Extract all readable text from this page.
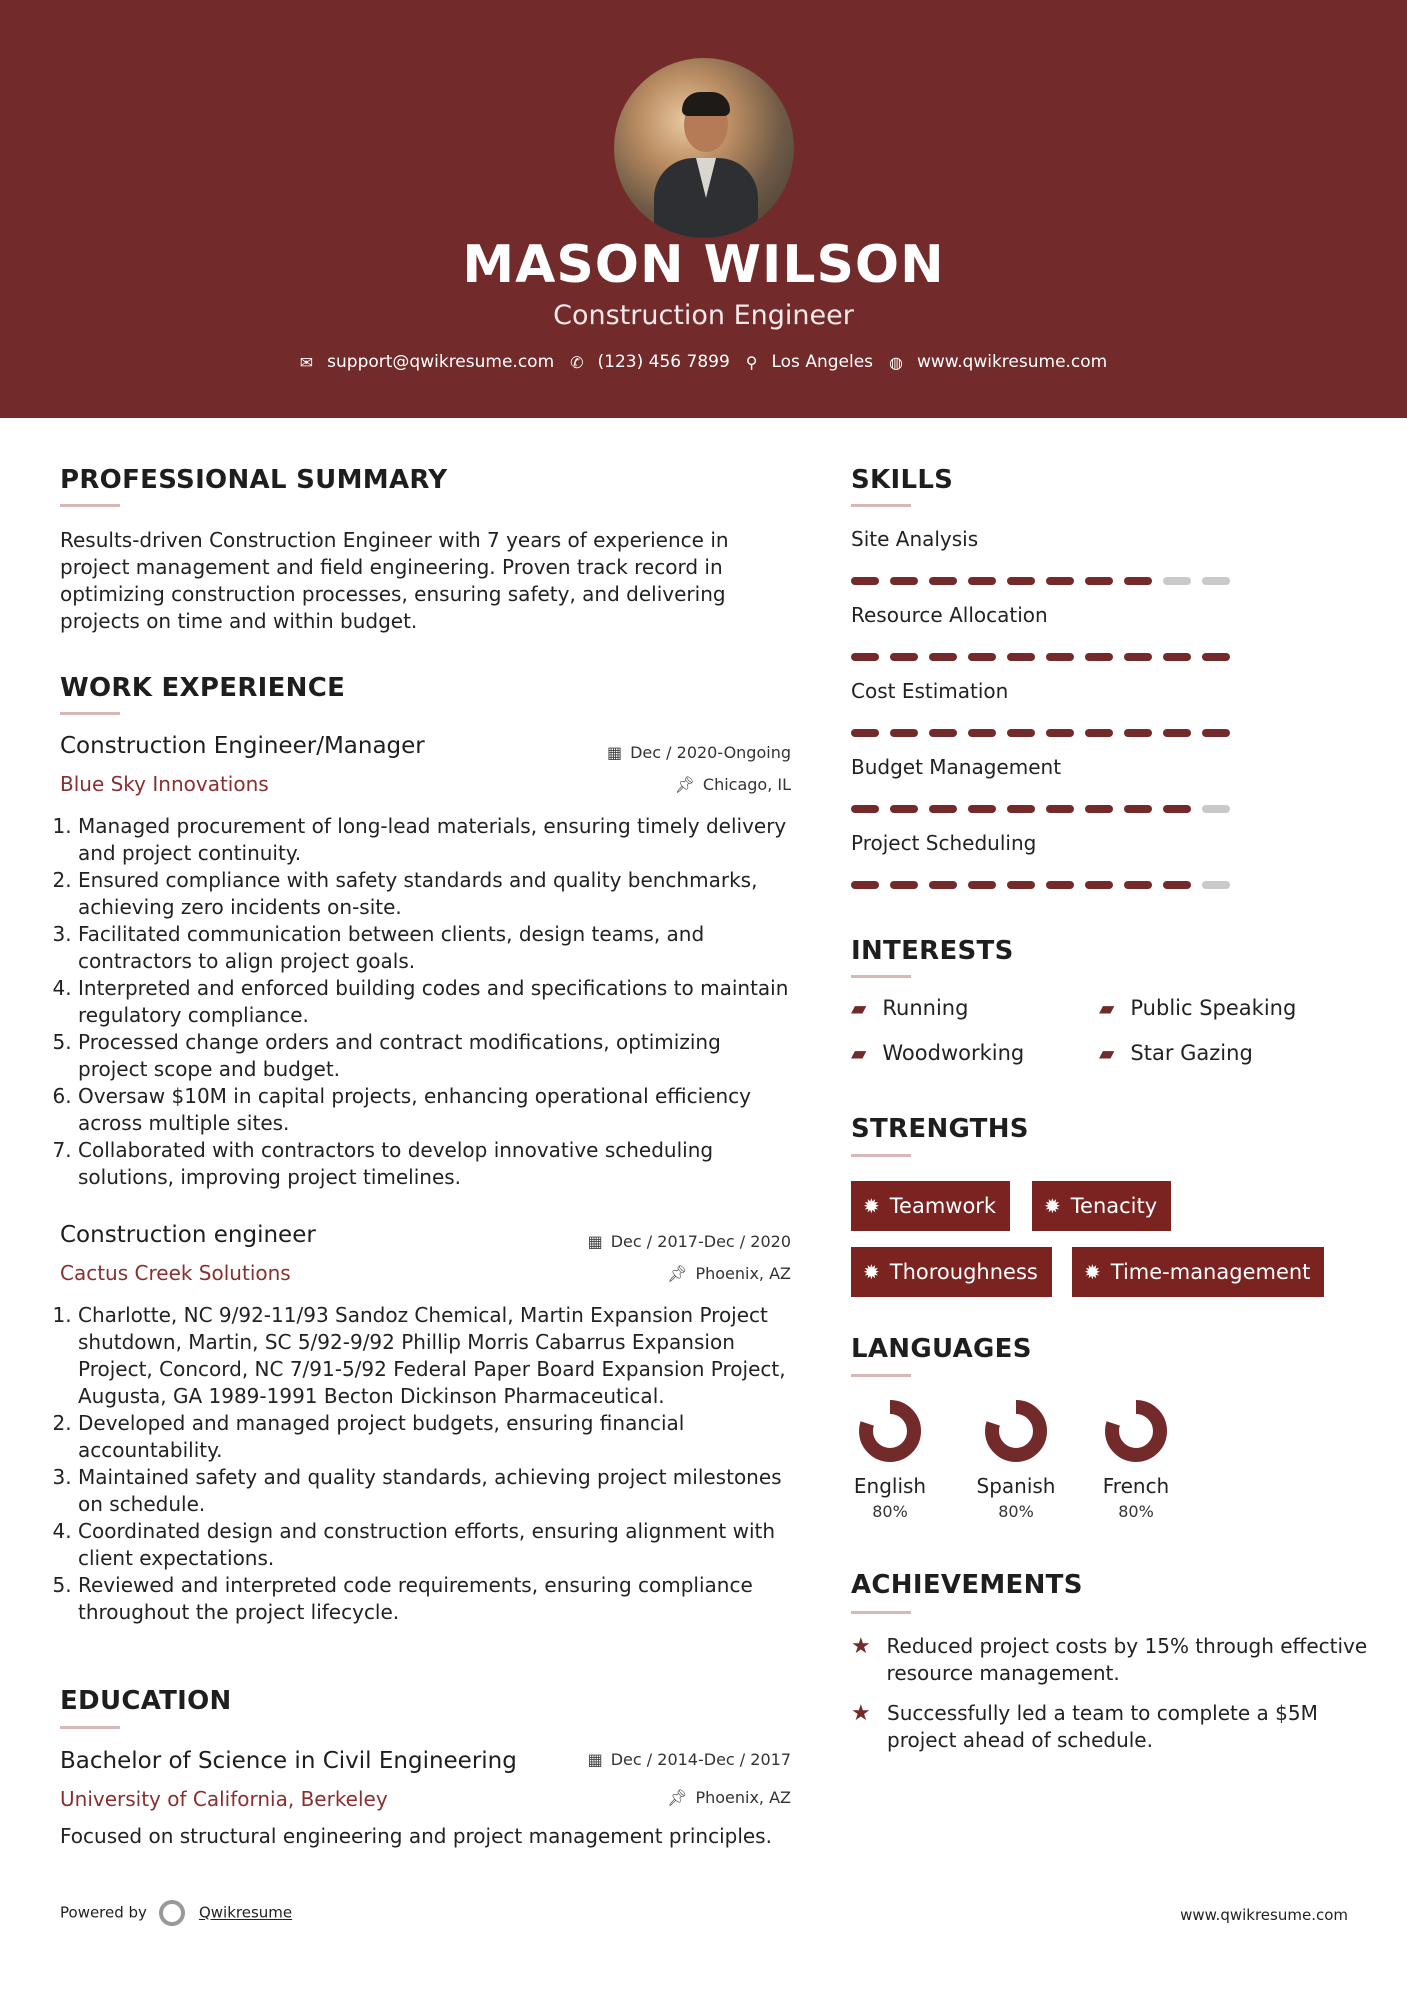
MASON WILSON
Construction Engineer
✉ support@qwikresume.com ✆ (123) 456 7899 ⚲ Los Angeles ◍ www.qwikresume.com
PROFESSIONAL SUMMARY
Results-driven Construction Engineer with 7 years of experience in project management and field engineering. Proven track record in optimizing construction processes, ensuring safety, and delivering projects on time and within budget.
WORK EXPERIENCE
Construction Engineer/Manager	▦ Dec / 2020-Ongoing
Blue Sky Innovations	📌︎ Chicago, IL
1. Managed procurement of long-lead materials, ensuring timely delivery and project continuity.
2. Ensured compliance with safety standards and quality benchmarks, achieving zero incidents on-site.
3. Facilitated communication between clients, design teams, and contractors to align project goals.
4. Interpreted and enforced building codes and specifications to maintain regulatory compliance.
5. Processed change orders and contract modifications, optimizing project scope and budget.
6. Oversaw $10M in capital projects, enhancing operational efficiency across multiple sites.
7. Collaborated with contractors to develop innovative scheduling solutions, improving project timelines.
Construction engineer	▦ Dec / 2017-Dec / 2020
Cactus Creek Solutions	📌︎ Phoenix, AZ
1. Charlotte, NC 9/92-11/93 Sandoz Chemical, Martin Expansion Project shutdown, Martin, SC 5/92-9/92 Phillip Morris Cabarrus Expansion Project, Concord, NC 7/91-5/92 Federal Paper Board Expansion Project, Augusta, GA 1989-1991 Becton Dickinson Pharmaceutical.
2. Developed and managed project budgets, ensuring financial accountability.
3. Maintained safety and quality standards, achieving project milestones on schedule.
4. Coordinated design and construction efforts, ensuring alignment with client expectations.
5. Reviewed and interpreted code requirements, ensuring compliance throughout the project lifecycle.
EDUCATION
Bachelor of Science in Civil Engineering	▦ Dec / 2014-Dec / 2017
University of California, Berkeley	📌︎ Phoenix, AZ
Focused on structural engineering and project management principles.
Powered by	Qwikresume	www.qwikresume.com
SKILLS
Site Analysis
Resource Allocation
Cost Estimation
Budget Management
Project Scheduling
INTERESTS
▰ Running	▰ Public Speaking
▰ Woodworking	▰ Star Gazing
STRENGTHS
✹ Teamwork ✹ Tenacity
✹ Thoroughness ✹ Time-management
LANGUAGES
English
80%
Spanish
80%
French
80%
ACHIEVEMENTS
★ Reduced project costs by 15% through effective resource management.
★ Successfully led a team to complete a $5M project ahead of schedule.
